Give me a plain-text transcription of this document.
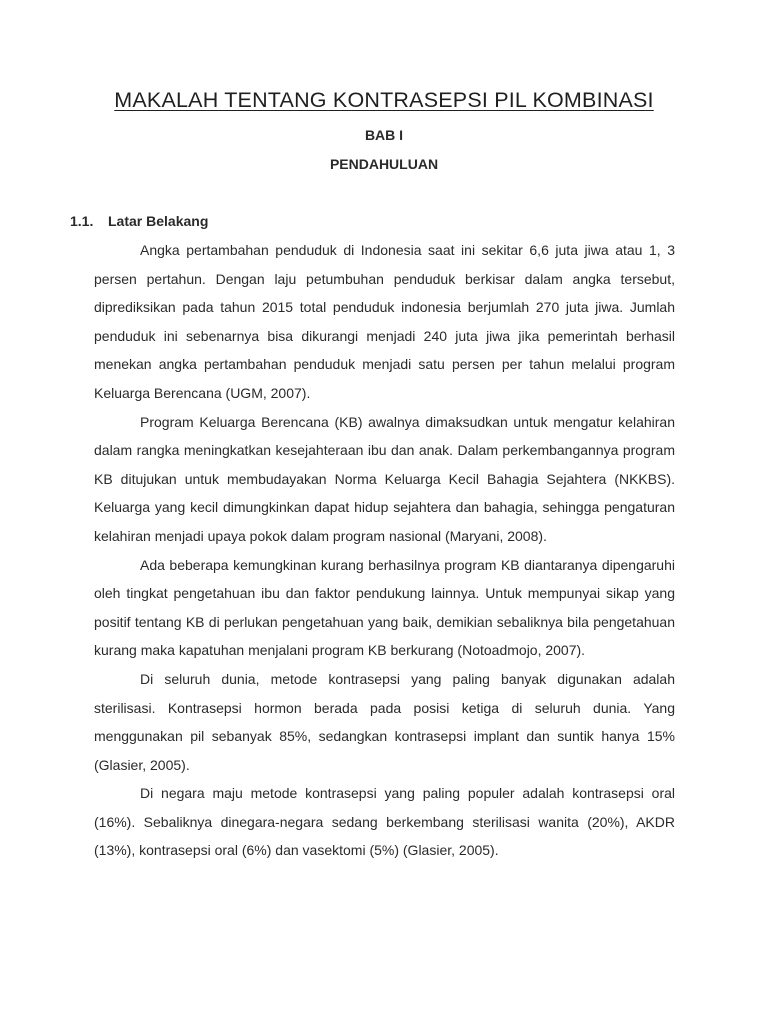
MAKALAH TENTANG KONTRASEPSI PIL KOMBINASI
BAB I
PENDAHULUAN
1.1. Latar Belakang

Angka pertambahan penduduk di Indonesia saat ini sekitar 6,6 juta jiwa atau 1, 3 persen pertahun. Dengan laju petumbuhan penduduk berkisar dalam angka tersebut, diprediksikan pada tahun 2015 total penduduk indonesia berjumlah 270 juta jiwa. Jumlah penduduk ini sebenarnya bisa dikurangi menjadi 240 juta jiwa jika pemerintah berhasil menekan angka pertambahan penduduk menjadi satu persen per tahun melalui program Keluarga Berencana (UGM, 2007).

Program Keluarga Berencana (KB) awalnya dimaksudkan untuk mengatur kelahiran dalam rangka meningkatkan kesejahteraan ibu dan anak. Dalam perkembangannya program KB ditujukan untuk membudayakan Norma Keluarga Kecil Bahagia Sejahtera (NKKBS). Keluarga yang kecil dimungkinkan dapat hidup sejahtera dan bahagia, sehingga pengaturan kelahiran menjadi upaya pokok dalam program nasional (Maryani, 2008).

Ada beberapa kemungkinan kurang berhasilnya program KB diantaranya dipengaruhi oleh tingkat pengetahuan ibu dan faktor pendukung lainnya. Untuk mempunyai sikap yang positif tentang KB di perlukan pengetahuan yang baik, demikian sebaliknya bila pengetahuan kurang maka kapatuhan menjalani program KB berkurang (Notoadmojo, 2007).

Di seluruh dunia, metode kontrasepsi yang paling banyak digunakan adalah sterilisasi. Kontrasepsi hormon berada pada posisi ketiga di seluruh dunia. Yang menggunakan pil sebanyak 85%, sedangkan kontrasepsi implant dan suntik hanya 15% (Glasier, 2005).

Di negara maju metode kontrasepsi yang paling populer adalah kontrasepsi oral (16%). Sebaliknya dinegara-negara sedang berkembang sterilisasi wanita (20%), AKDR (13%), kontrasepsi oral (6%) dan vasektomi (5%) (Glasier, 2005).
